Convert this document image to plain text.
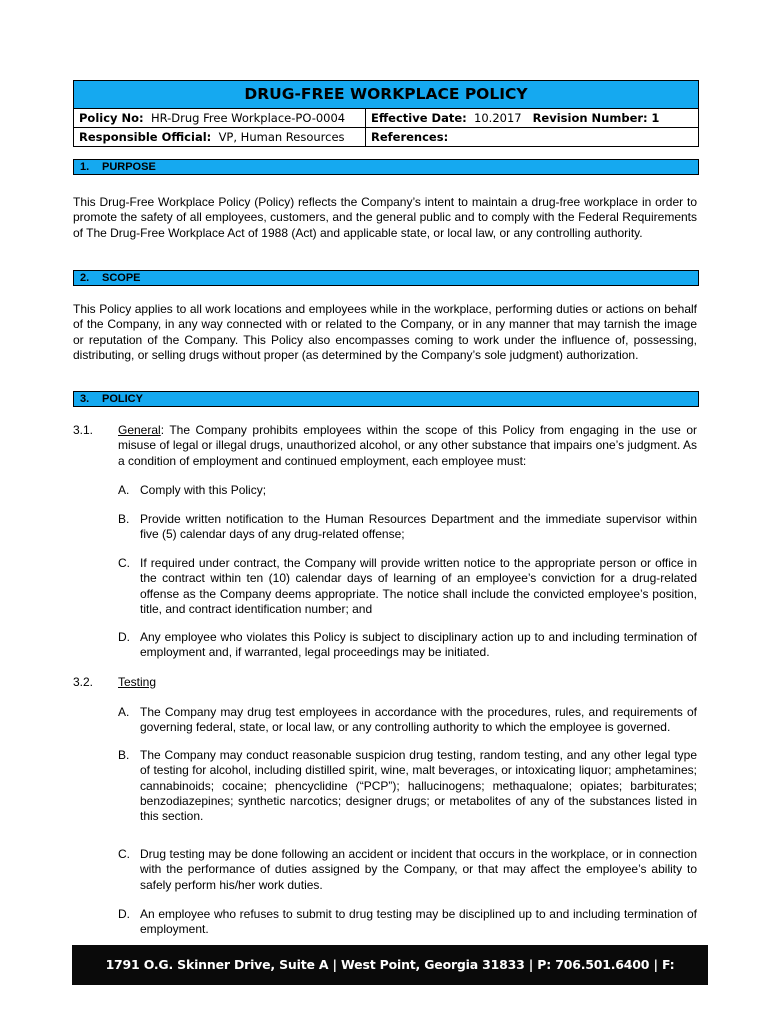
DRUG-FREE WORKPLACE POLICY
Policy No: HR-Drug Free Workplace-PO-0004	Effective Date: 10.2017 Revision Number: 1
Responsible Official: VP, Human Resources	References:
1. PURPOSE
This Drug-Free Workplace Policy (Policy) reflects the Company’s intent to maintain a drug-free workplace in order to promote the safety of all employees, customers, and the general public and to comply with the Federal Requirements of The Drug-Free Workplace Act of 1988 (Act) and applicable state, or local law, or any controlling authority.
2. SCOPE
This Policy applies to all work locations and employees while in the workplace, performing duties or actions on behalf of the Company, in any way connected with or related to the Company, or in any manner that may tarnish the image or reputation of the Company. This Policy also encompasses coming to work under the influence of, possessing, distributing, or selling drugs without proper (as determined by the Company’s sole judgment) authorization.
3. POLICY
3.1. General: The Company prohibits employees within the scope of this Policy from engaging in the use or misuse of legal or illegal drugs, unauthorized alcohol, or any other substance that impairs one’s judgment. As a condition of employment and continued employment, each employee must:
A. Comply with this Policy;
B. Provide written notification to the Human Resources Department and the immediate supervisor within five (5) calendar days of any drug-related offense;
C. If required under contract, the Company will provide written notice to the appropriate person or office in the contract within ten (10) calendar days of learning of an employee’s conviction for a drug-related offense as the Company deems appropriate. The notice shall include the convicted employee’s position, title, and contract identification number; and
D. Any employee who violates this Policy is subject to disciplinary action up to and including termination of employment and, if warranted, legal proceedings may be initiated.
3.2. Testing
A. The Company may drug test employees in accordance with the procedures, rules, and requirements of governing federal, state, or local law, or any controlling authority to which the employee is governed.
B. The Company may conduct reasonable suspicion drug testing, random testing, and any other legal type of testing for alcohol, including distilled spirit, wine, malt beverages, or intoxicating liquor; amphetamines; cannabinoids; cocaine; phencyclidine (“PCP”); hallucinogens; methaqualone; opiates; barbiturates; benzodiazepines; synthetic narcotics; designer drugs; or metabolites of any of the substances listed in this section.
C. Drug testing may be done following an accident or incident that occurs in the workplace, or in connection with the performance of duties assigned by the Company, or that may affect the employee’s ability to safely perform his/her work duties.
D. An employee who refuses to submit to drug testing may be disciplined up to and including termination of employment.
1791 O.G. Skinner Drive, Suite A | West Point, Georgia 31833 | P: 706.501.6400 | F: 706.645.5167
